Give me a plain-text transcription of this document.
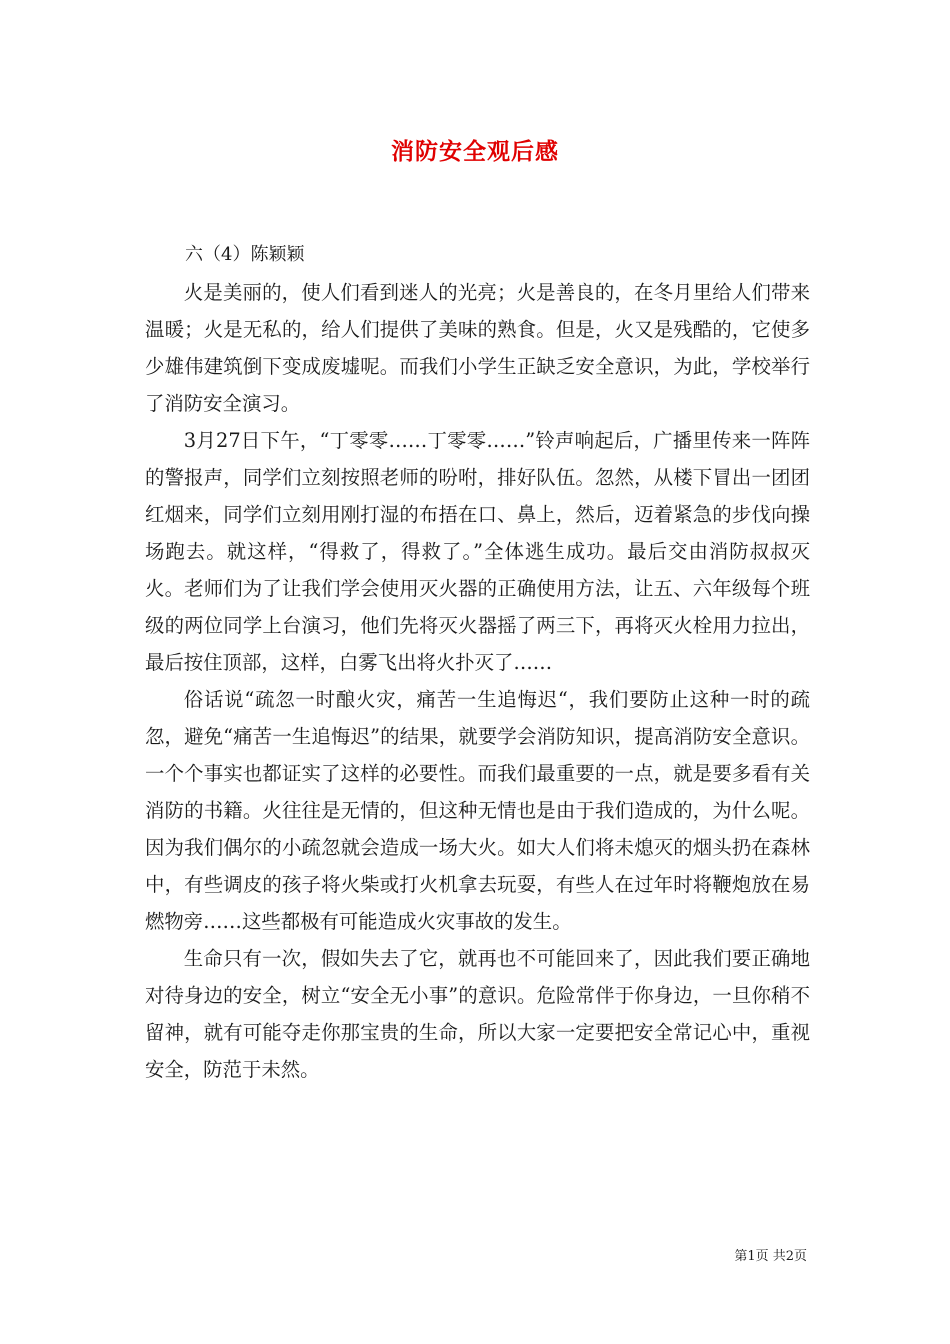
消防安全观后感
六（4）陈颖颖

火是美丽的，使人们看到迷人的光亮；火是善良的，在冬月里给人们带来温暖；火是无私的，给人们提供了美味的熟食。但是，火又是残酷的，它使多少雄伟建筑倒下变成废墟呢。而我们小学生正缺乏安全意识，为此，学校举行了消防安全演习。

3月27日下午，“丁零零……丁零零……”铃声响起后，广播里传来一阵阵的警报声，同学们立刻按照老师的吩咐，排好队伍。忽然，从楼下冒出一团团红烟来，同学们立刻用刚打湿的布捂在口、鼻上，然后，迈着紧急的步伐向操场跑去。就这样，“得救了，得救了。”全体逃生成功。最后交由消防叔叔灭火。老师们为了让我们学会使用灭火器的正确使用方法，让五、六年级每个班级的两位同学上台演习，他们先将灭火器摇了两三下，再将灭火栓用力拉出，最后按住顶部，这样，白雾飞出将火扑灭了……

俗话说“疏忽一时酿火灾，痛苦一生追悔迟“，我们要防止这种一时的疏忽，避免“痛苦一生追悔迟”的结果，就要学会消防知识，提高消防安全意识。一个个事实也都证实了这样的必要性。而我们最重要的一点，就是要多看有关消防的书籍。火往往是无情的，但这种无情也是由于我们造成的，为什么呢。因为我们偶尔的小疏忽就会造成一场大火。如大人们将未熄灭的烟头扔在森林中，有些调皮的孩子将火柴或打火机拿去玩耍，有些人在过年时将鞭炮放在易燃物旁……这些都极有可能造成火灾事故的发生。

生命只有一次，假如失去了它，就再也不可能回来了，因此我们要正确地对待身边的安全，树立“安全无小事”的意识。危险常伴于你身边，一旦你稍不留神，就有可能夺走你那宝贵的生命，所以大家一定要把安全常记心中，重视安全，防范于未然。

第1页 共2页
